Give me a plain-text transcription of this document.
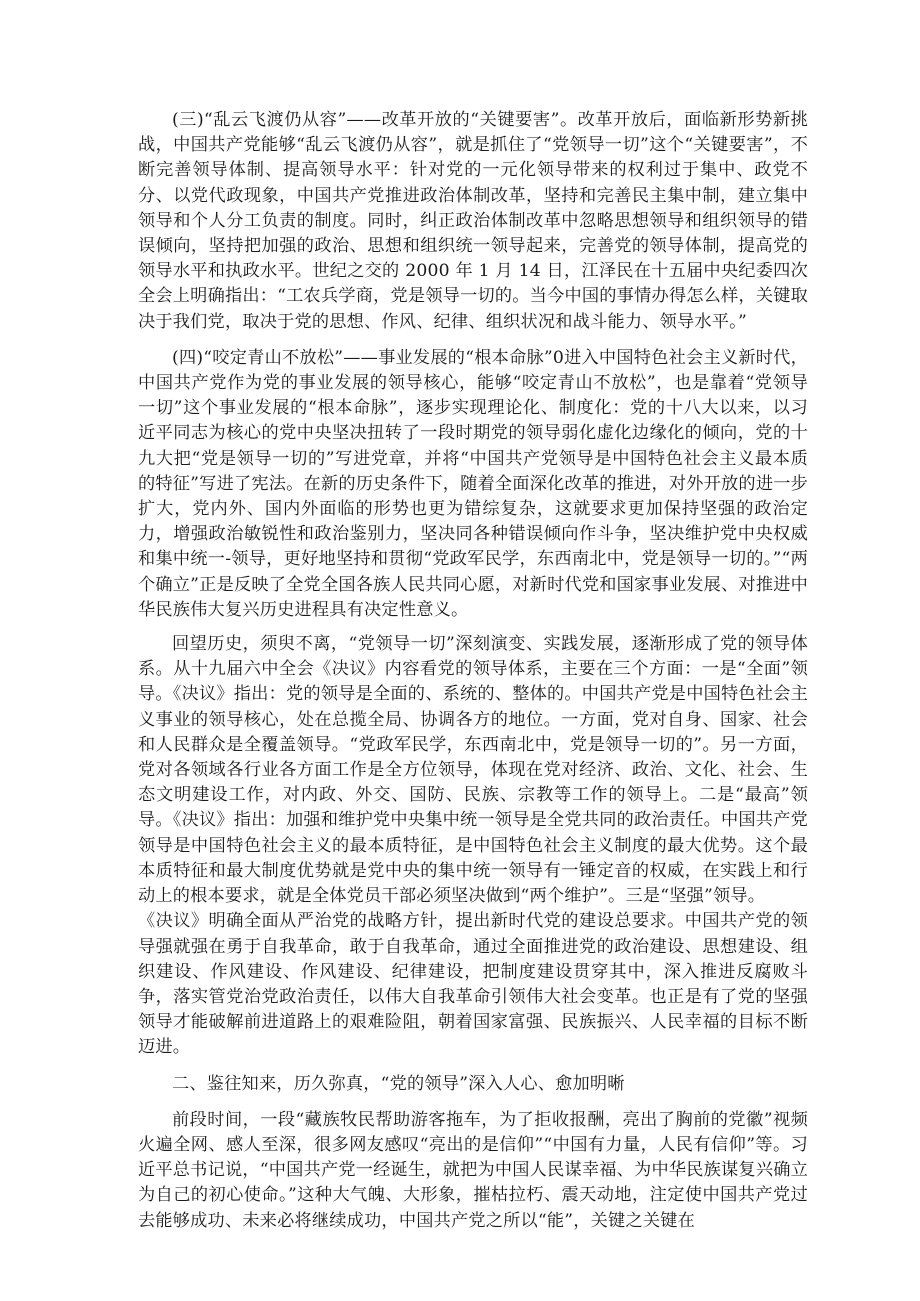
(三)“乱云飞渡仍从容”——改革开放的“关键要害”。改革开放后，面临新形势新挑战，中国共产党能够“乱云飞渡仍从容”，就是抓住了“党领导一切”这个“关键要害”，不断完善领导体制、提高领导水平：针对党的一元化领导带来的权利过于集中、政党不分、以党代政现象，中国共产党推进政治体制改革，坚持和完善民主集中制，建立集中领导和个人分工负责的制度。同时，纠正政治体制改革中忽略思想领导和组织领导的错误倾向，坚持把加强的政治、思想和组织统一领导起来，完善党的领导体制，提高党的领导水平和执政水平。世纪之交的 2000 年 1 月 14 日，江泽民在十五届中央纪委四次全会上明确指出：“工农兵学商，党是领导一切的。当今中国的事情办得怎么样，关键取决于我们党，取决于党的思想、作风、纪律、组织状况和战斗能力、领导水平。”

(四)“咬定青山不放松”——事业发展的“根本命脉”0进入中国特色社会主义新时代，中国共产党作为党的事业发展的领导核心，能够“咬定青山不放松”，也是靠着“党领导一切”这个事业发展的“根本命脉”，逐步实现理论化、制度化：党的十八大以来，以习近平同志为核心的党中央坚决扭转了一段时期党的领导弱化虚化边缘化的倾向，党的十九大把“党是领导一切的”写进党章，并将“中国共产党领导是中国特色社会主义最本质的特征”写进了宪法。在新的历史条件下，随着全面深化改革的推进，对外开放的进一步扩大，党内外、国内外面临的形势也更为错综复杂，这就要求更加保持坚强的政治定力，增强政治敏锐性和政治鉴别力，坚决同各种错误倾向作斗争，坚决维护党中央权威和集中统一-领导，更好地坚持和贯彻“党政军民学，东西南北中，党是领导一切的。”“两个确立”正是反映了全党全国各族人民共同心愿，对新时代党和国家事业发展、对推进中华民族伟大复兴历史进程具有决定性意义。

回望历史，须臾不离，“党领导一切”深刻演变、实践发展，逐渐形成了党的领导体系。从十九届六中全会《决议》内容看党的领导体系，主要在三个方面：一是“全面”领导。《决议》指出：党的领导是全面的、系统的、整体的。中国共产党是中国特色社会主义事业的领导核心，处在总揽全局、协调各方的地位。一方面，党对自身、国家、社会和人民群众是全覆盖领导。“党政军民学，东西南北中，党是领导一切的”。另一方面，党对各领域各行业各方面工作是全方位领导，体现在党对经济、政治、文化、社会、生态文明建设工作，对内政、外交、国防、民族、宗教等工作的领导上。二是“最高”领导。《决议》指出：加强和维护党中央集中统一领导是全党共同的政治责任。中国共产党领导是中国特色社会主义的最本质特征，是中国特色社会主义制度的最大优势。这个最本质特征和最大制度优势就是党中央的集中统一领导有一锤定音的权威，在实践上和行动上的根本要求，就是全体党员干部必须坚决做到“两个维护”。三是“坚强”领导。

《决议》明确全面从严治党的战略方针，提出新时代党的建设总要求。中国共产党的领导强就强在勇于自我革命，敢于自我革命，通过全面推进党的政治建设、思想建设、组织建设、作风建设、作风建设、纪律建设，把制度建设贯穿其中，深入推进反腐败斗争，落实管党治党政治责任，以伟大自我革命引领伟大社会变革。也正是有了党的坚强领导才能破解前进道路上的艰难险阻，朝着国家富强、民族振兴、人民幸福的目标不断迈进。

二、鉴往知来，历久弥真，“党的领导”深入人心、愈加明晰

前段时间，一段“藏族牧民帮助游客拖车，为了拒收报酬，亮出了胸前的党徽”视频火遍全网、感人至深，很多网友感叹“亮出的是信仰”“中国有力量，人民有信仰”等。习近平总书记说，“中国共产党一经诞生，就把为中国人民谋幸福、为中华民族谋复兴确立为自己的初心使命。”这种大气魄、大形象，摧枯拉朽、震天动地，注定使中国共产党过去能够成功、未来必将继续成功，中国共产党之所以“能”，关键之关键在
